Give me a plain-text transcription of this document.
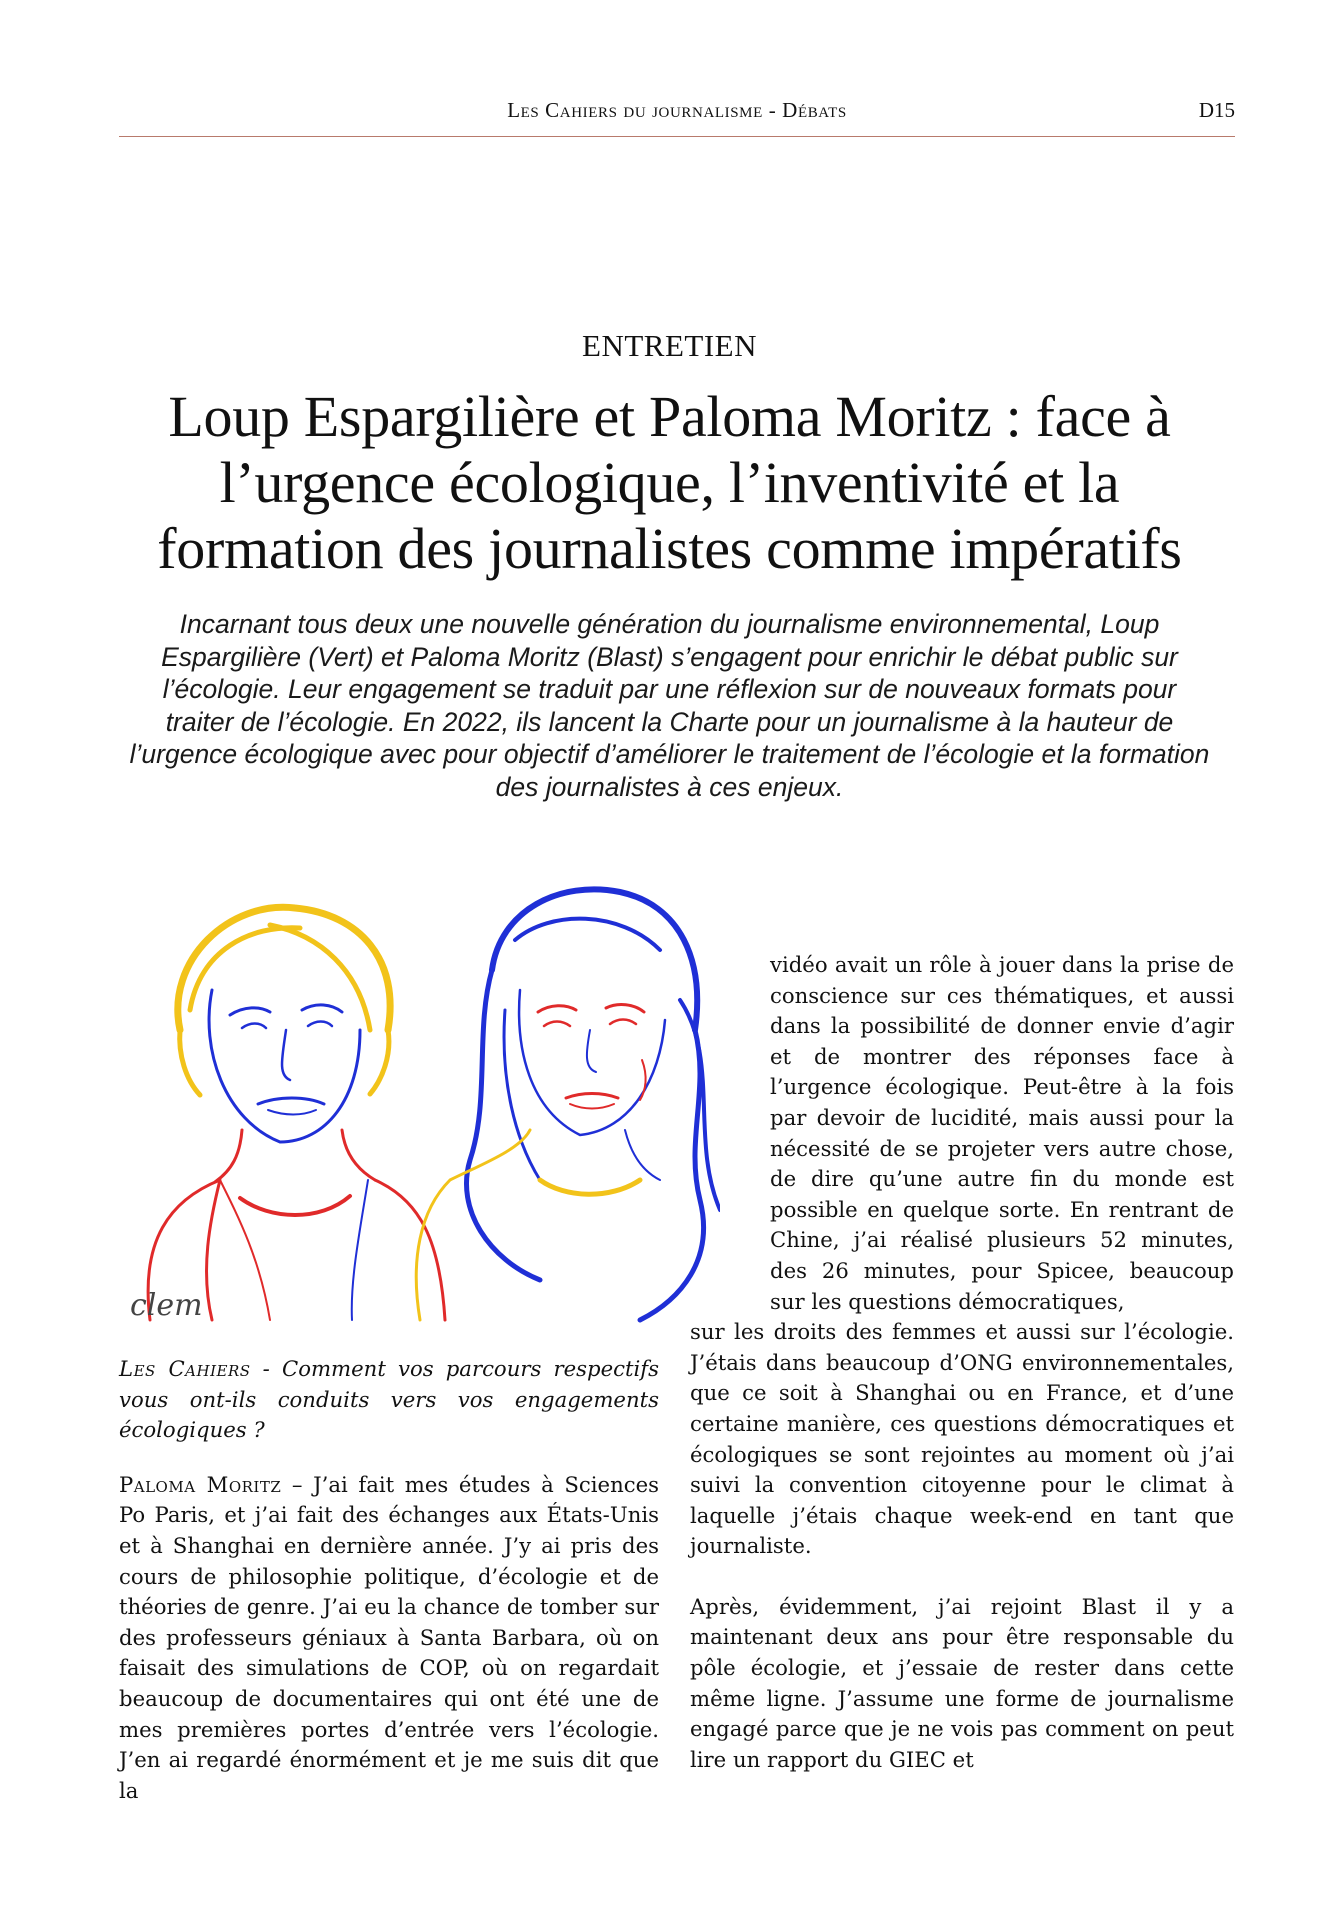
Les Cahiers du journalisme - Débats	D15
ENTRETIEN
Loup Espargilière et Paloma Moritz : face à l’urgence écologique, l’inventivité et la formation des journalistes comme impératifs

Incarnant tous deux une nouvelle génération du journalisme environnemental, Loup Espargilière (Vert) et Paloma Moritz (Blast) s’engagent pour enrichir le débat public sur l’écologie. Leur engagement se traduit par une réflexion sur de nouveaux formats pour traiter de l’écologie. En 2022, ils lancent la Charte pour un journalisme à la hauteur de l’urgence écologique avec pour objectif d’améliorer le traitement de l’écologie et la formation des journalistes à ces enjeux.

clem

Les Cahiers - Comment vos parcours respectifs vous ont-ils conduits vers vos engagements écologiques ?

Paloma Moritz – J’ai fait mes études à Sciences Po Paris, et j’ai fait des échanges aux États-Unis et à Shanghai en dernière année. J’y ai pris des cours de philosophie politique, d’écologie et de théories de genre. J’ai eu la chance de tomber sur des professeurs géniaux à Santa Barbara, où on faisait des simulations de COP, où on regardait beaucoup de documentaires qui ont été une de mes premières portes d’entrée vers l’écologie. J’en ai regardé énormément et je me suis dit que la

vidéo avait un rôle à jouer dans la prise de conscience sur ces thématiques, et aussi dans la possibilité de donner envie d’agir et de montrer des réponses face à l’urgence écologique. Peut-être à la fois par devoir de lucidité, mais aussi pour la nécessité de se projeter vers autre chose, de dire qu’une autre fin du monde est possible en quelque sorte. En rentrant de Chine, j’ai réalisé plusieurs 52 minutes, des 26 minutes, pour Spicee, beaucoup sur les questions démocratiques,

sur les droits des femmes et aussi sur l’écologie. J’étais dans beaucoup d’ONG environnementales, que ce soit à Shanghai ou en France, et d’une certaine manière, ces questions démocratiques et écologiques se sont rejointes au moment où j’ai suivi la convention citoyenne pour le climat à laquelle j’étais chaque week-end en tant que journaliste.

Après, évidemment, j’ai rejoint Blast il y a maintenant deux ans pour être responsable du pôle écologie, et j’essaie de rester dans cette même ligne. J’assume une forme de journalisme engagé parce que je ne vois pas comment on peut lire un rapport du GIEC et
